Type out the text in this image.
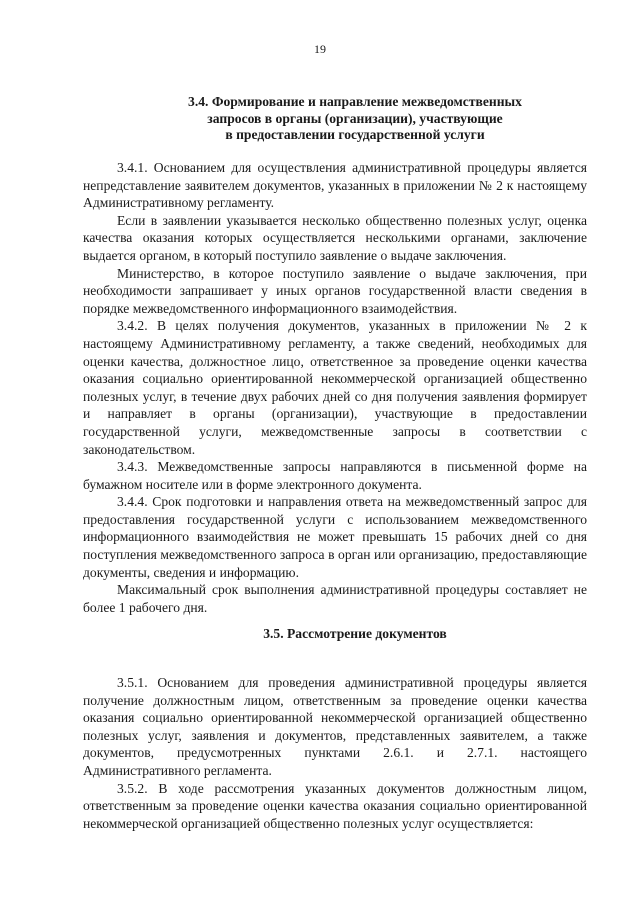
19
3.4. Формирование и направление межведомственных
запросов в органы (организации), участвующие
в предоставлении государственной услуги

3.4.1. Основанием для осуществления административной процедуры является непредставление заявителем документов, указанных в приложении № 2 к настоящему Административному регламенту.

Если в заявлении указывается несколько общественно полезных услуг, оценка качества оказания которых осуществляется несколькими органами, заключение выдается органом, в который поступило заявление о выдаче заключения.

Министерство, в которое поступило заявление о выдаче заключения, при необходимости запрашивает у иных органов государственной власти сведения в порядке межведомственного информационного взаимодействия.

3.4.2. В целях получения документов, указанных в приложении № 2 к настоящему Административному регламенту, а также сведений, необходимых для оценки качества, должностное лицо, ответственное за проведение оценки качества оказания социально ориентированной некоммерческой организацией общественно полезных услуг, в течение двух рабочих дней со дня получения заявления формирует и направляет в органы (организации), участвующие в предоставлении государственной услуги, межведомственные запросы в соответствии с законодательством.

3.4.3. Межведомственные запросы направляются в письменной форме на бумажном носителе или в форме электронного документа.

3.4.4. Срок подготовки и направления ответа на межведомственный запрос для предоставления государственной услуги с использованием межведомственного информационного взаимодействия не может превышать 15 рабочих дней со дня поступления межведомственного запроса в орган или организацию, предоставляющие документы, сведения и информацию.

Максимальный срок выполнения административной процедуры составляет не более 1 рабочего дня.

3.5. Рассмотрение документов

3.5.1. Основанием для проведения административной процедуры является получение должностным лицом, ответственным за проведение оценки качества оказания социально ориентированной некоммерческой организацией общественно полезных услуг, заявления и документов, представленных заявителем, а также документов, предусмотренных пунктами 2.6.1. и 2.7.1. настоящего Административного регламента.

3.5.2. В ходе рассмотрения указанных документов должностным лицом, ответственным за проведение оценки качества оказания социально ориентированной некоммерческой организацией общественно полезных услуг осуществляется:
